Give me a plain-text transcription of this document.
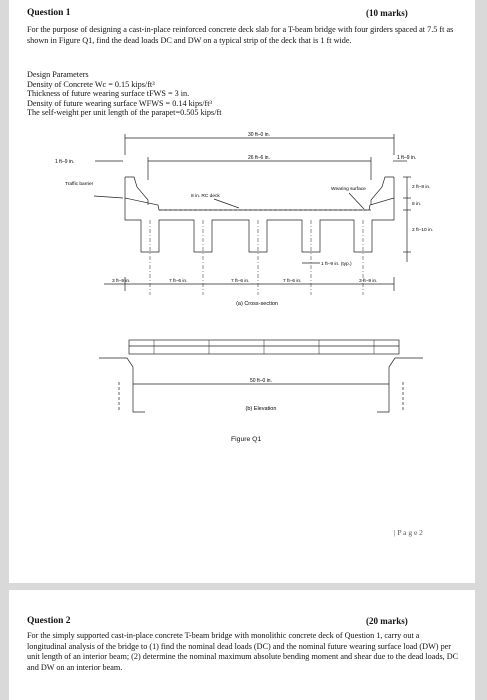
Question 1	(10 marks)
For the purpose of designing a cast-in-place reinforced concrete deck slab for a T-beam bridge with four girders spaced at 7.5 ft as shown in Figure Q1, find the dead loads DC and DW on a typical strip of the deck that is 1 ft wide.
Design Parameters
Density of Concrete Wc = 0.15 kips/ft³
Thickness of future wearing surface tFWS = 3 in.
Density of future wearing surface WFWS = 0.14 kips/ft³
The self-weight per unit length of the parapet=0.505 kips/ft
30 ft–0 in.
26 ft–6 in.
1 ft–9 in.
1 ft–9 in.
Traffic barrier
8 in. RC deck
Wearing surface	2 ft–8 in.
8 in.
2 ft–10 in.
1 ft–9 in. (typ.)
3 ft–9 in.	7 ft–6 in.	7 ft–6 in.	7 ft–6 in.	3 ft–9 in.
(a) Cross-section
50 ft–0 in.
(b) Elevation
Figure Q1
| P a g e 2
Question 2	(20 marks)
For the simply supported cast-in-place concrete T-beam bridge with monolithic concrete deck of Question 1, carry out a longitudinal analysis of the bridge to (1) find the nominal dead loads (DC) and the nominal future wearing surface load (DW) per unit length of an interior beam; (2) determine the nominal maximum absolute bending moment and shear due to the dead loads, DC and DW on an interior beam.
